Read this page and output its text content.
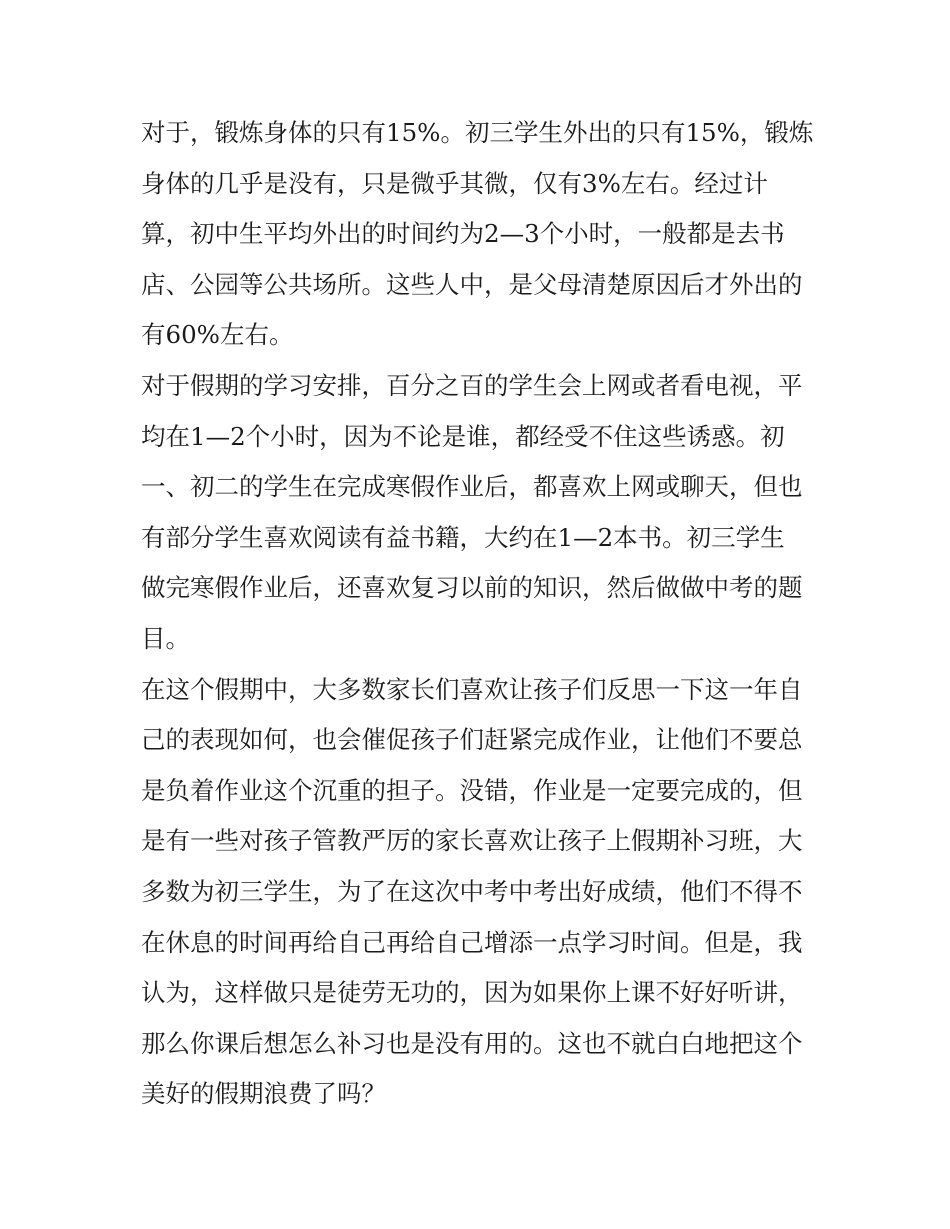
对于，锻炼身体的只有15%。初三学生外出的只有15%，锻炼
身体的几乎是没有，只是微乎其微，仅有3%左右。经过计
算，初中生平均外出的时间约为2—3个小时，一般都是去书
店、公园等公共场所。这些人中，是父母清楚原因后才外出的
有60%左右。
对于假期的学习安排，百分之百的学生会上网或者看电视，平
均在1—2个小时，因为不论是谁，都经受不住这些诱惑。初
一、初二的学生在完成寒假作业后，都喜欢上网或聊天，但也
有部分学生喜欢阅读有益书籍，大约在1—2本书。初三学生
做完寒假作业后，还喜欢复习以前的知识，然后做做中考的题
目。
在这个假期中，大多数家长们喜欢让孩子们反思一下这一年自
己的表现如何，也会催促孩子们赶紧完成作业，让他们不要总
是负着作业这个沉重的担子。没错，作业是一定要完成的，但
是有一些对孩子管教严厉的家长喜欢让孩子上假期补习班，大
多数为初三学生，为了在这次中考中考出好成绩，他们不得不
在休息的时间再给自己再给自己增添一点学习时间。但是，我
认为，这样做只是徒劳无功的，因为如果你上课不好好听讲，
那么你课后想怎么补习也是没有用的。这也不就白白地把这个
美好的假期浪费了吗？
